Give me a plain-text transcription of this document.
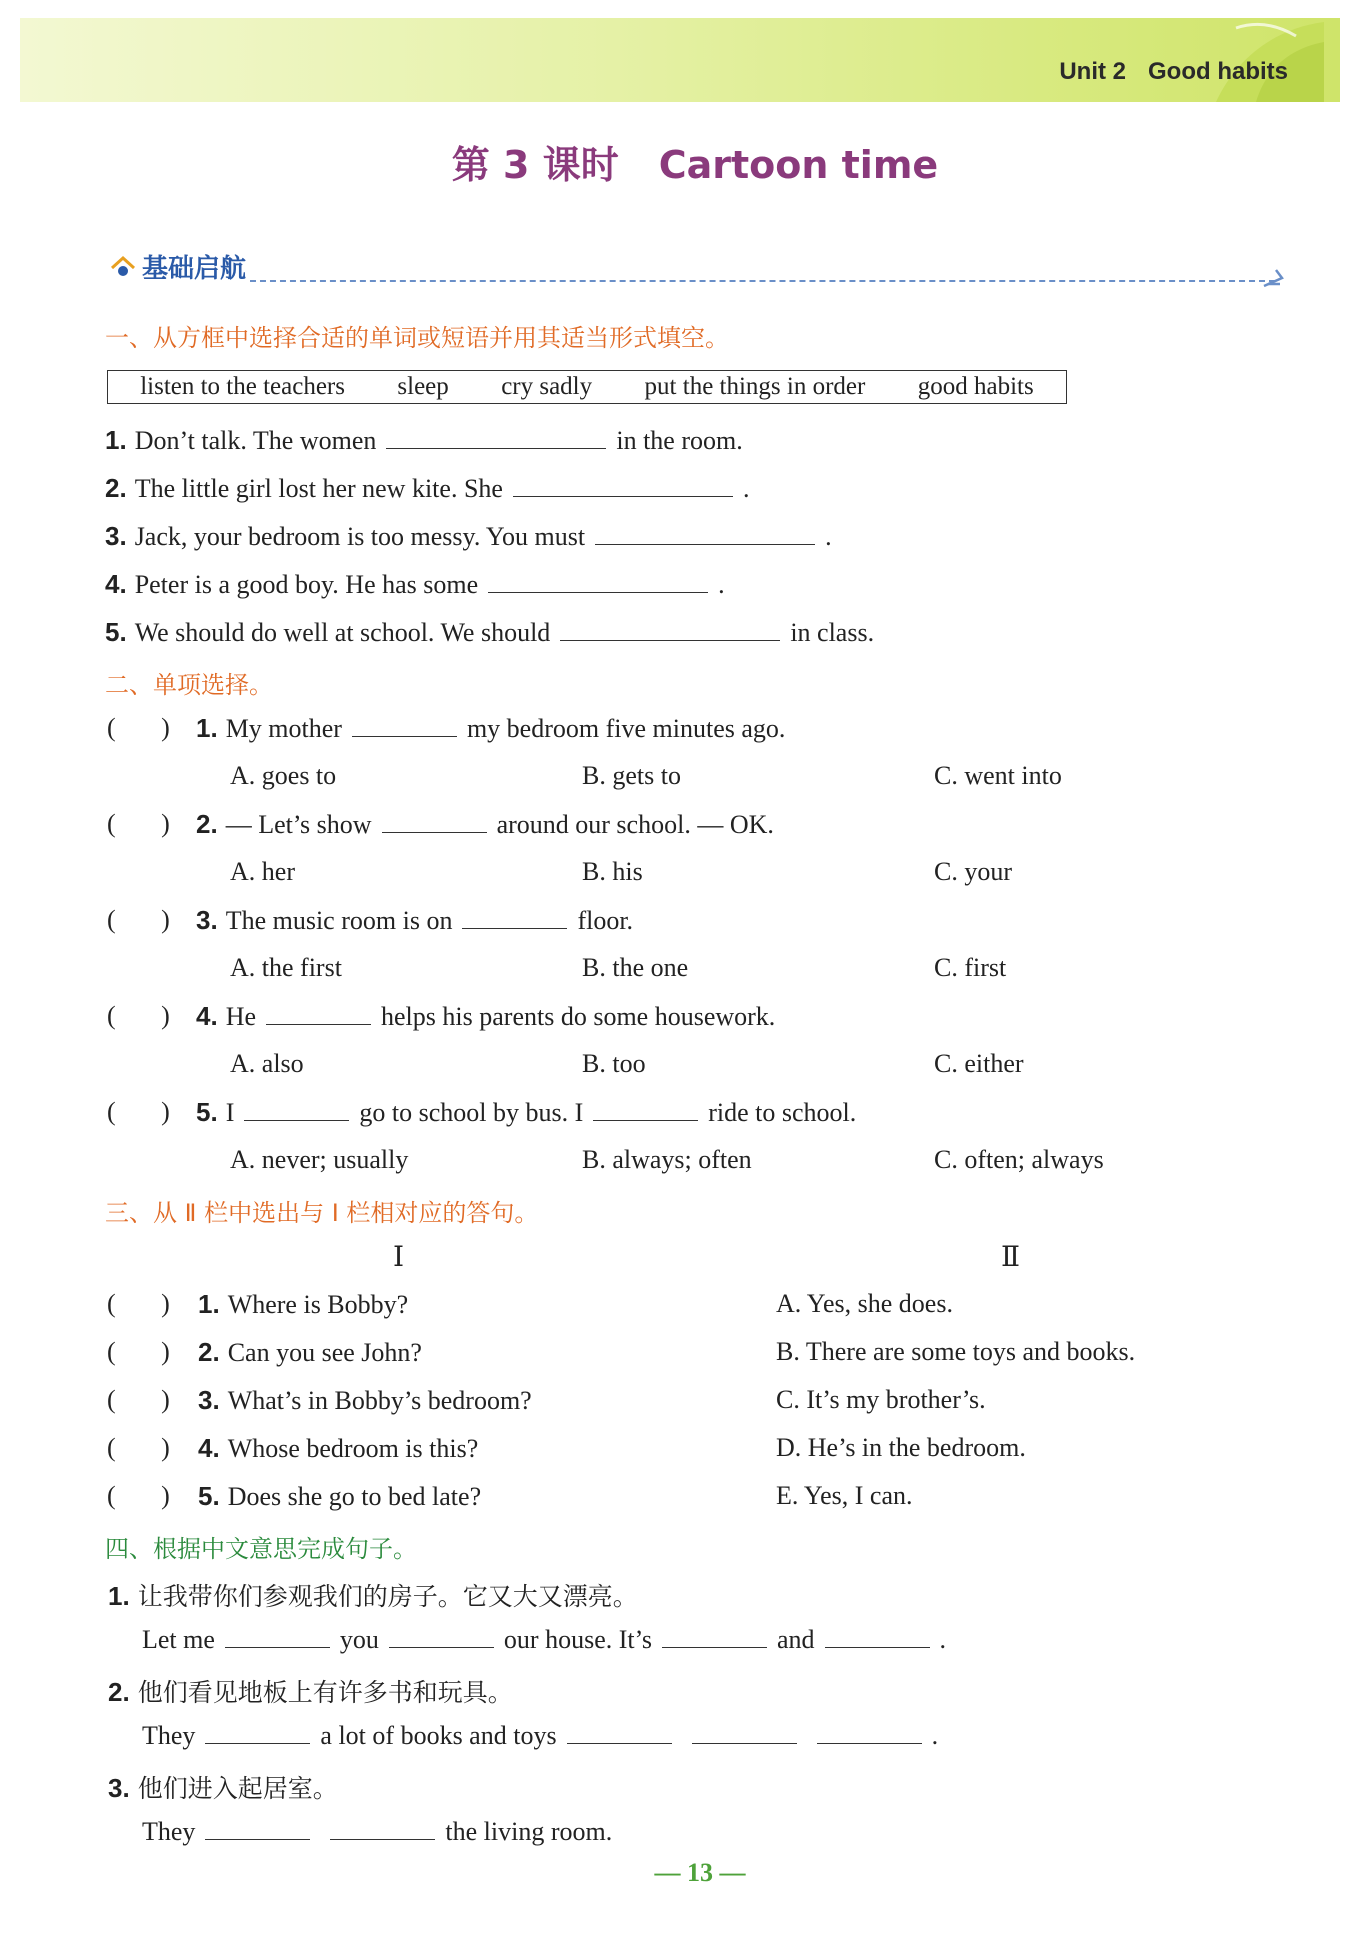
Unit 2 Good habits
第 3 课时 Cartoon time
基础启航
一、从方框中选择合适的单词或短语并用其适当形式填空。
listen to the teachers sleep cry sadly put the things in order good habits
1. Don’t talk. The women	in the room.
2. The little girl lost her new kite. She	.
3. Jack, your bedroom is too messy. You must	.
4. Peter is a good boy. He has some	.
5. We should do well at school. We should	in class.
二、单项选择。
(       ) 1. My mother	my bedroom five minutes ago.
A. goes to	B. gets to	C. went into
(       ) 2. — Let’s show	around our school. — OK.
A. her	B. his	C. your
(       ) 3. The music room is on	floor.
A. the first	B. the one	C. first
(       ) 4. He	helps his parents do some housework.
A. also	B. too	C. either
(       ) 5. I	go to school by bus. I	ride to school.
A. never; usually	B. always; often	C. often; always
三、从 Ⅱ 栏中选出与 Ⅰ 栏相对应的答句。
Ⅰ	Ⅱ
(       ) 1. Where is Bobby?	A. Yes, she does.
(       ) 2. Can you see John?	B. There are some toys and books.
(       ) 3. What’s in Bobby’s bedroom?	C. It’s my brother’s.
(       ) 4. Whose bedroom is this?	D. He’s in the bedroom.
(       ) 5. Does she go to bed late?	E. Yes, I can.
四、根据中文意思完成句子。
1. 让我带你们参观我们的房子。它又大又漂亮。
Let me	you	our house. It’s	and	.
2. 他们看见地板上有许多书和玩具。
They	a lot of books and toys	.
3. 他们进入起居室。
They	the living room.
— 13 —
